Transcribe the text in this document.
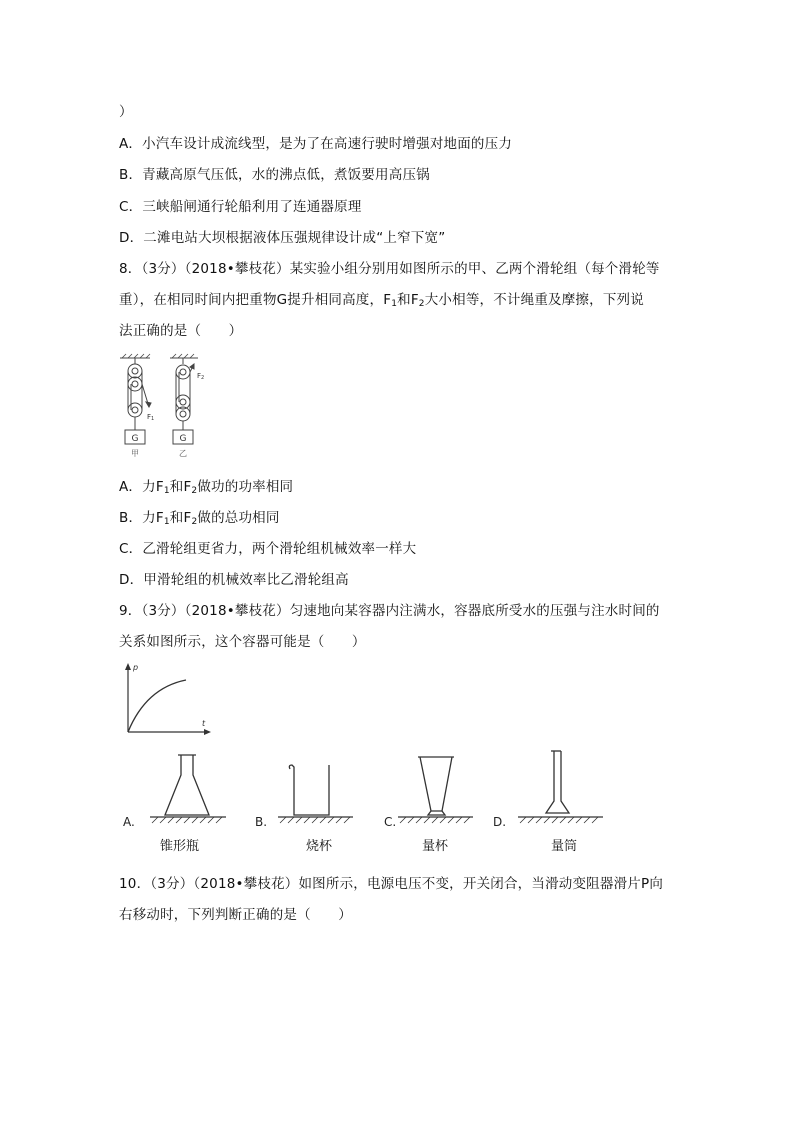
）
A．小汽车设计成流线型，是为了在高速行驶时增强对地面的压力
B．青藏高原气压低，水的沸点低，煮饭要用高压锅
C．三峡船闸通行轮船利用了连通器原理
D．二滩电站大坝根据液体压强规律设计成“上窄下宽”
8．（3分）（2018•攀枝花）某实验小组分别用如图所示的甲、乙两个滑轮组（每个滑轮等
重），在相同时间内把重物G提升相同高度，$F_1$和$F_2$大小相等，不计绳重及摩擦，下列说
法正确的是（　　）
G	G
F1
F2
甲	乙
A．力$F_1$和$F_2$做功的功率相同
B．力$F_1$和$F_2$做的总功相同
C．乙滑轮组更省力，两个滑轮组机械效率一样大
D．甲滑轮组的机械效率比乙滑轮组高
9．（3分）（2018•攀枝花）匀速地向某容器内注满水，容器底所受水的压强与注水时间的
关系如图所示，这个容器可能是（　　）
p
t
A.	B.	C.	D.
锥形瓶	烧杯	量杯	量筒
10．（3分）（2018•攀枝花）如图所示，电源电压不变，开关闭合，当滑动变阻器滑片P向
右移动时，下列判断正确的是（　　）
